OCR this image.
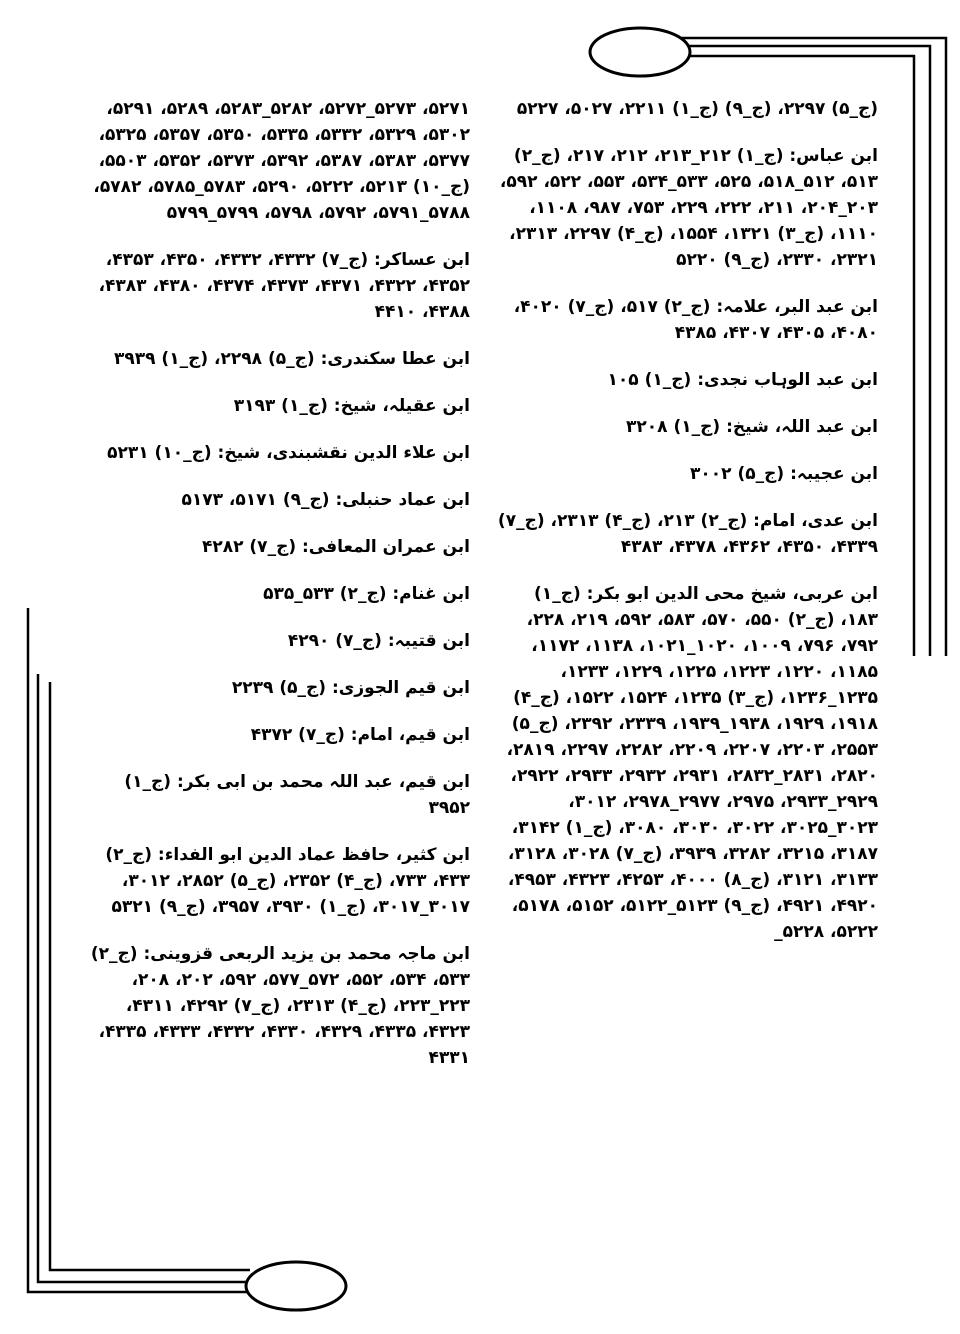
(ج_۵) ۲۲۹۷، (ج_۹) (ج_۱) ۲۲۱۱، ۵۰۲۷، ۵۲۲۷
ابن عباس: (ج_۱) ۲۱۲_۲۱۳، ۲۱۲، ۲۱۷، (ج_۲) ۵۱۳، ۵۱۲_۵۱۸، ۵۲۵، ۵۳۳_۵۳۴، ۵۵۳، ۵۲۲، ۵۹۲، ۲۰۳_۲۰۴، ۲۱۱، ۲۲۲، ۲۲۹، ۷۵۳، ۹۸۷، ۱۱۰۸، ۱۱۱۰، (ج_۳) ۱۳۲۱، ۱۵۵۴، (ج_۴) ۲۲۹۷، ۲۳۱۳، ۲۳۲۱، ۲۳۳۰، (ج_۹) ۵۲۲۰
ابن عبد البر، علامہ: (ج_۲) ۵۱۷، (ج_۷) ۴۰۲۰، ۴۰۸۰، ۴۳۰۵، ۴۳۰۷، ۴۳۸۵
ابن عبد الوہاب نجدی: (ج_۱) ۱۰۵
ابن عبد اللہ، شیخ: (ج_۱) ۳۲۰۸
ابن عجیبہ: (ج_۵) ۳۰۰۲
ابن عدی، امام: (ج_۲) ۲۱۳، (ج_۴) ۲۳۱۳، (ج_۷) ۴۳۳۹، ۴۳۵۰، ۴۳۶۲، ۴۳۷۸، ۴۳۸۳
ابن عربی، شیخ محی الدین ابو بکر: (ج_۱) ۱۸۳، (ج_۲) ۵۵۰، ۵۷۰، ۵۸۳، ۵۹۲، ۲۱۹، ۲۲۸، ۷۹۲، ۷۹۶، ۱۰۰۹، ۱۰۲۰_۱۰۲۱، ۱۱۳۸، ۱۱۷۲، ۱۱۸۵، ۱۲۲۰، ۱۲۲۳، ۱۲۲۵، ۱۲۲۹، ۱۲۳۳، ۱۲۳۵_۱۲۳۶، (ج_۳) ۱۲۳۵، ۱۵۲۴، ۱۵۲۲، (ج_۴) ۱۹۱۸، ۱۹۲۹، ۱۹۳۸_۱۹۳۹، ۲۳۳۹، ۲۳۹۲، (ج_۵) ۲۵۵۳، ۲۲۰۳، ۲۲۰۷، ۲۲۰۹، ۲۲۸۲، ۲۲۹۷، ۲۸۱۹، ۲۸۲۰، ۲۸۳۱_۲۸۳۲، ۲۹۳۱، ۲۹۳۲، ۲۹۳۳، ۲۹۲۲، ۲۹۲۹_۲۹۳۳، ۲۹۷۵، ۲۹۷۷_۲۹۷۸، ۳۰۱۲، ۳۰۲۳_۳۰۲۵، ۳۰۲۲، ۳۰۳۰، ۳۰۸۰، (ج_۱) ۳۱۴۲، ۳۱۸۷، ۳۲۱۵، ۳۲۸۲، ۳۹۳۹، (ج_۷) ۳۰۲۸، ۳۱۲۸، ۳۱۳۳، ۳۱۲۱، (ج_۸) ۴۰۰۰، ۴۲۵۳، ۴۳۲۳، ۴۹۵۳، ۴۹۲۰، ۴۹۲۱، (ج_۹) ۵۱۲۳_۵۱۲۲، ۵۱۵۲، ۵۱۷۸، ۵۲۲۲، ۵۲۲۸_
۵۲۷۱، ۵۲۷۳_۵۲۷۲، ۵۲۸۲_۵۲۸۳، ۵۲۸۹، ۵۲۹۱، ۵۳۰۲، ۵۳۲۹، ۵۳۳۲، ۵۳۳۵، ۵۳۵۰، ۵۳۵۷، ۵۳۲۵، ۵۳۷۷، ۵۳۸۳، ۵۳۸۷، ۵۳۹۲، ۵۳۷۳، ۵۳۵۲، ۵۵۰۳، (ج_۱۰) ۵۲۱۳، ۵۲۲۲، ۵۲۹۰، ۵۷۸۳_۵۷۸۵، ۵۷۸۲، ۵۷۸۸_۵۷۹۱، ۵۷۹۲، ۵۷۹۸، ۵۷۹۹_۵۷۹۹
ابن عساکر: (ج_۷) ۴۳۳۲، ۴۳۳۲، ۴۳۵۰، ۴۳۵۳، ۴۳۵۲، ۴۳۲۲، ۴۳۷۱، ۴۳۷۳، ۴۳۷۴، ۴۳۸۰، ۴۳۸۳، ۴۳۸۸، ۴۴۱۰
ابن عطا سکندری: (ج_۵) ۲۲۹۸، (ج_۱) ۳۹۳۹
ابن عقیلہ، شیخ: (ج_۱) ۳۱۹۳
ابن علاء الدین نقشبندی، شیخ: (ج_۱۰) ۵۲۳۱
ابن عماد حنبلی: (ج_۹) ۵۱۷۱، ۵۱۷۳
ابن عمران المعافی: (ج_۷) ۴۲۸۲
ابن غنام: (ج_۲) ۵۳۳_۵۳۵
ابن قتیبہ: (ج_۷) ۴۲۹۰
ابن قیم الجوزی: (ج_۵) ۲۲۳۹
ابن قیم، امام: (ج_۷) ۴۳۷۲
ابن قیم، عبد اللہ محمد بن ابی بکر: (ج_۱) ۳۹۵۲
ابن کثیر، حافظ عماد الدین ابو الفداء: (ج_۲) ۴۳۳، ۷۳۳، (ج_۴) ۲۳۵۲، (ج_۵) ۲۸۵۲، ۳۰۱۲، ۳۰۱۷_۳۰۱۷، (ج_۱) ۳۹۳۰، ۳۹۵۷، (ج_۹) ۵۳۲۱
ابن ماجہ محمد بن یزید الربعی قزوینی: (ج_۲) ۵۳۳، ۵۳۴، ۵۵۲، ۵۷۲_۵۷۷، ۵۹۲، ۲۰۲، ۲۰۸، ۲۲۳_۲۲۳، (ج_۴) ۲۳۱۳، (ج_۷) ۴۲۹۲، ۴۳۱۱، ۴۳۲۳، ۴۳۳۵، ۴۳۲۹، ۴۳۳۰، ۴۳۳۲، ۴۳۳۳، ۴۳۳۵، ۴۳۳۱
